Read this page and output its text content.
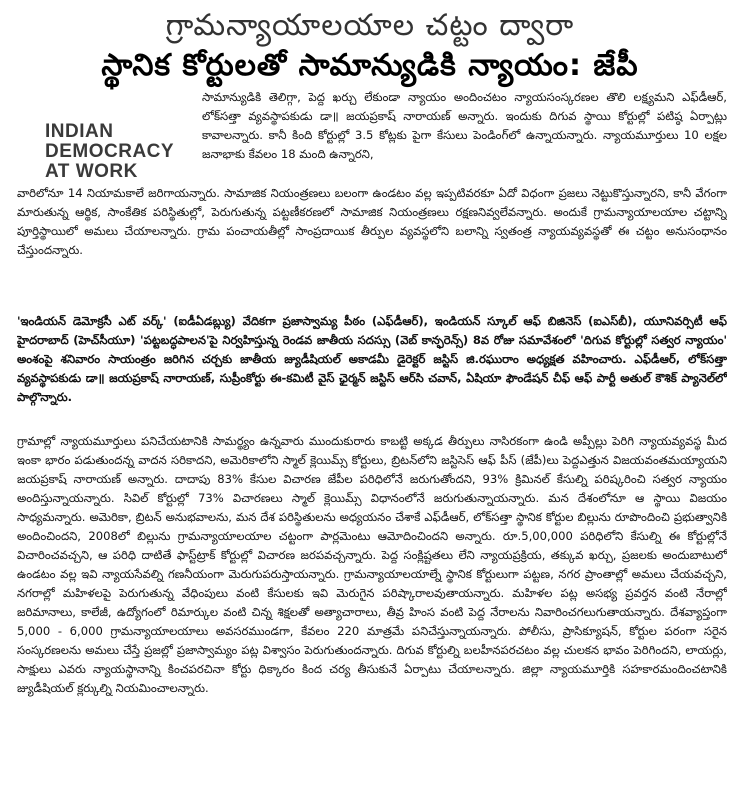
గ్రామన్యాయాలయాల చట్టం ద్వారా
స్థానిక కోర్టులతో సామాన్యుడికి న్యాయం: జేపీ
INDIAN
DEMOCRACY
AT WORK

సామాన్యుడికి తెలిగ్గా, పెద్ద ఖర్చు లేకుండా న్యాయం అందించటం న్యాయసంస్కరణల తొలి లక్ష్యమని ఎఫ్‌డీఆర్, లోక్‌సత్తా వ్యవస్థాపకుడు డా॥ జయప్రకాష్ నారాయణ్ అన్నారు. ఇందుకు దిగువ స్థాయి కోర్టుల్లో పటిష్ఠ ఏర్పాట్లు కావాలన్నారు. కానీ కింది కోర్టుల్లో 3.5 కోట్లకు పైగా కేసులు పెండింగ్‌లో ఉన్నాయన్నారు. న్యాయమూర్తులు 10 లక్షల జనాభాకు కేవలం 18 మంది ఉన్నారని,

వారిలోనూ 14 నియామకాలే జరిగాయన్నారు. సామాజిక నియంత్రణలు బలంగా ఉండటం వల్ల ఇప్పటివరకూ ఏదో విధంగా ప్రజలు నెట్టుకొస్తున్నారని, కానీ వేగంగా మారుతున్న ఆర్థిక, సాంకేతిక పరిస్థితుల్లో, పెరుగుతున్న పట్టణీకరణలో సామాజిక నియంత్రణలు రక్షణనివ్వలేవన్నారు. అందుకే గ్రామన్యాయాలయాల చట్టాన్ని పూర్తిస్థాయిలో అమలు చేయాలన్నారు. గ్రామ పంచాయతీల్లో సాంప్రదాయిక తీర్పుల వ్యవస్థలోని బలాన్ని స్వతంత్ర న్యాయవ్యవస్థతో ఈ చట్టం అనుసంధానం చేస్తుందన్నారు.

'ఇండియన్ డెమోక్రసీ ఎట్ వర్క్' (ఐడీఏడబ్ల్యు) వేదికగా ప్రజాస్వామ్య పీఠం (ఎఫ్‌డీఆర్), ఇండియన్ స్కూల్ ఆఫ్ బిజినెస్ (ఐఎస్‌బీ), యూనివర్సిటీ ఆఫ్ హైదరాబాద్ (హెచ్‌సీయూ) 'పట్టబద్ధపాలన'పై నిర్వహిస్తున్న రెండవ జాతీయ సదస్సు (వెబ్ కాన్ఫరెన్స్) 8వ రోజు సమావేశంలో 'దిగువ కోర్టుల్లో సత్వర న్యాయం' అంశంపై శనివారం సాయంత్రం జరిగిన చర్చకు జాతీయ జ్యుడీషియల్ అకాడమీ డైరెక్టర్ జస్టిస్ జి.రఘురాం అధ్యక్షత వహించారు. ఎఫ్‌డీఆర్, లోక్‌సత్తా వ్యవస్థాపకుడు డా॥ జయప్రకాష్ నారాయణ్, సుప్రీంకోర్టు ఈ-కమిటీ వైస్ ఛైర్మన్ జస్టిస్ ఆర్‌సి చవాన్, ఏషియా ఫౌండేషన్ చీఫ్ ఆఫ్ పార్టీ అతుల్ కౌశిక్ ప్యానెల్‌లో పాల్గొన్నారు.

గ్రామాల్లో న్యాయమూర్తులు పనిచేయటానికి సామర్థ్యం ఉన్నవారు ముందుకురారు కాబట్టి అక్కడ తీర్పులు నాసిరకంగా ఉండి అప్పీల్లు పెరిగి న్యాయవ్యవస్థ మీద ఇంకా భారం పడుతుందన్న వాదన సరికాదని, అమెరికాలోని స్మాల్ క్లెయిమ్స్ కోర్టులు, బ్రిటన్‌లోని జస్టిసెస్ ఆఫ్ పీస్ (జేపీ)లు పెద్దఎత్తున విజయవంతమయ్యాయని జయప్రకాష్ నారాయణ్ అన్నారు. దాదాపు 83% కేసుల విచారణ జేపీల పరిధిలోనే జరుగుతోందని, 93% క్రిమినల్ కేసుల్ని పరిష్కరించి సత్వర న్యాయం అందిస్తున్నాయన్నారు. సివిల్ కోర్టుల్లో 73% విచారణలు స్మాల్ క్లెయిమ్స్ విధానంలోనే జరుగుతున్నాయన్నారు. మన దేశంలోనూ ఆ స్థాయి విజయం సాధ్యమన్నారు. అమెరికా, బ్రిటన్ అనుభవాలను, మన దేశ పరిస్థితులను అధ్యయనం చేశాకే ఎఫ్‌డీఆర్, లోక్‌సత్తా స్థానిక కోర్టుల బిల్లును రూపొందించి ప్రభుత్వానికి అందించిందని, 2008లో బిల్లును గ్రామన్యాయాలయాల చట్టంగా పార్లమెంటు ఆమోదించిందని అన్నారు. రూ.5,00,000 పరిధిలోని కేసుల్ని ఈ కోర్టుల్లోనే విచారించవచ్చని, ఆ పరిధి దాటితే ఫాస్ట్‌ట్రాక్ కోర్టుల్లో విచారణ జరపవచ్చన్నారు. పెద్ద సంక్లిష్టతలు లేని న్యాయప్రక్రియ, తక్కువ ఖర్చు, ప్రజలకు అందుబాటులో ఉండటం వల్ల ఇవి న్యాయసేవల్ని గణనీయంగా మెరుగుపరుస్తాయన్నారు. గ్రామన్యాయాలయాల్నే స్థానిక కోర్టులుగా పట్టణ, నగర ప్రాంతాల్లో అమలు చేయవచ్చని, నగరాల్లో మహిళలపై పెరుగుతున్న వేధింపులు వంటి కేసులకు ఇవి మెరుగైన పరిష్కారాలవుతాయన్నారు. మహిళల పట్ల అసభ్య ప్రవర్తన వంటి నేరాల్లో జరిమానాలు, కాలేజీ, ఉద్యోగంలో రిమార్కుల వంటి చిన్న శిక్షలతో అత్యాచారాలు, తీవ్ర హింస వంటి పెద్ద నేరాలను నివారించగలుగుతాయన్నారు. దేశవ్యాప్తంగా 5,000 - 6,000 గ్రామన్యాయాలయాలు అవసరముండగా, కేవలం 220 మాత్రమే పనిచేస్తున్నాయన్నారు. పోలీసు, ప్రాసిక్యూషన్, కోర్టుల పరంగా సరైన సంస్కరణలను అమలు చేస్తే ప్రజల్లో ప్రజాస్వామ్యం పట్ల విశ్వాసం పెరుగుతుందన్నారు. దిగువ కోర్టుల్ని బలహీనపరచటం వల్ల చులకన భావం పెరిగిందని, లాయర్లు, సాక్షులు ఎవరు న్యాయస్థానాన్ని కించపరచినా కోర్టు ధిక్కారం కింద చర్య తీసుకునే ఏర్పాటు చేయాలన్నారు. జిల్లా న్యాయమూర్తికి సహకారమందించటానికి జ్యుడీషియల్ క్లర్కుల్ని నియమించాలన్నారు.
